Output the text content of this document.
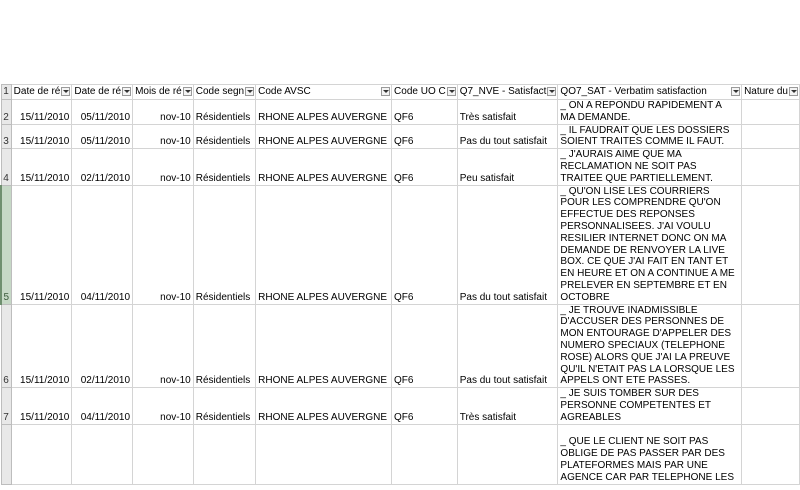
1	Date de ré	Date de ré	Mois de ré	Code segn	Code AVSC	Code UO C	Q7_NVE - Satisfact	QO7_SAT - Verbatim satisfaction	Nature du

2	15/11/2010	05/11/2010	nov-10	Résidentiels	RHONE ALPES AUVERGNE	QF6	Très satisfait	_ ON A REPONDU RAPIDEMENT A MA DEMANDE.	
3	15/11/2010	05/11/2010	nov-10	Résidentiels	RHONE ALPES AUVERGNE	QF6	Pas du tout satisfait	_ IL FAUDRAIT QUE LES DOSSIERS SOIENT TRAITES COMME IL FAUT.	
4	15/11/2010	02/11/2010	nov-10	Résidentiels	RHONE ALPES AUVERGNE	QF6	Peu satisfait	_ J'AURAIS AIME QUE MA RECLAMATION NE SOIT PAS TRAITEE QUE PARTIELLEMENT.	
5	15/11/2010	04/11/2010	nov-10	Résidentiels	RHONE ALPES AUVERGNE	QF6	Pas du tout satisfait	_ QU'ON LISE LES COURRIERS POUR LES COMPRENDRE QU'ON EFFECTUE DES REPONSES PERSONNALISEES. J'AI VOULU RESILIER INTERNET DONC ON MA DEMANDE DE RENVOYER LA LIVE BOX. CE QUE J'AI FAIT EN TANT ET EN HEURE ET ON A CONTINUE A ME PRELEVER EN SEPTEMBRE ET EN OCTOBRE	
6	15/11/2010	02/11/2010	nov-10	Résidentiels	RHONE ALPES AUVERGNE	QF6	Pas du tout satisfait	_ JE TROUVE INADMISSIBLE D'ACCUSER DES PERSONNES DE MON ENTOURAGE D'APPELER DES NUMERO SPECIAUX (TELEPHONE ROSE) ALORS QUE J'AI LA PREUVE QU'IL N'ETAIT PAS LA LORSQUE LES APPELS ONT ETE PASSES.	
7	15/11/2010	04/11/2010	nov-10	Résidentiels	RHONE ALPES AUVERGNE	QF6	Très satisfait	_ JE SUIS TOMBER SUR DES PERSONNE COMPETENTES ET AGREABLES	
								_ QUE LE CLIENT NE SOIT PAS OBLIGE DE PAS PASSER PAR DES PLATEFORMES MAIS PAR UNE AGENCE CAR PAR TELEPHONE LES	
